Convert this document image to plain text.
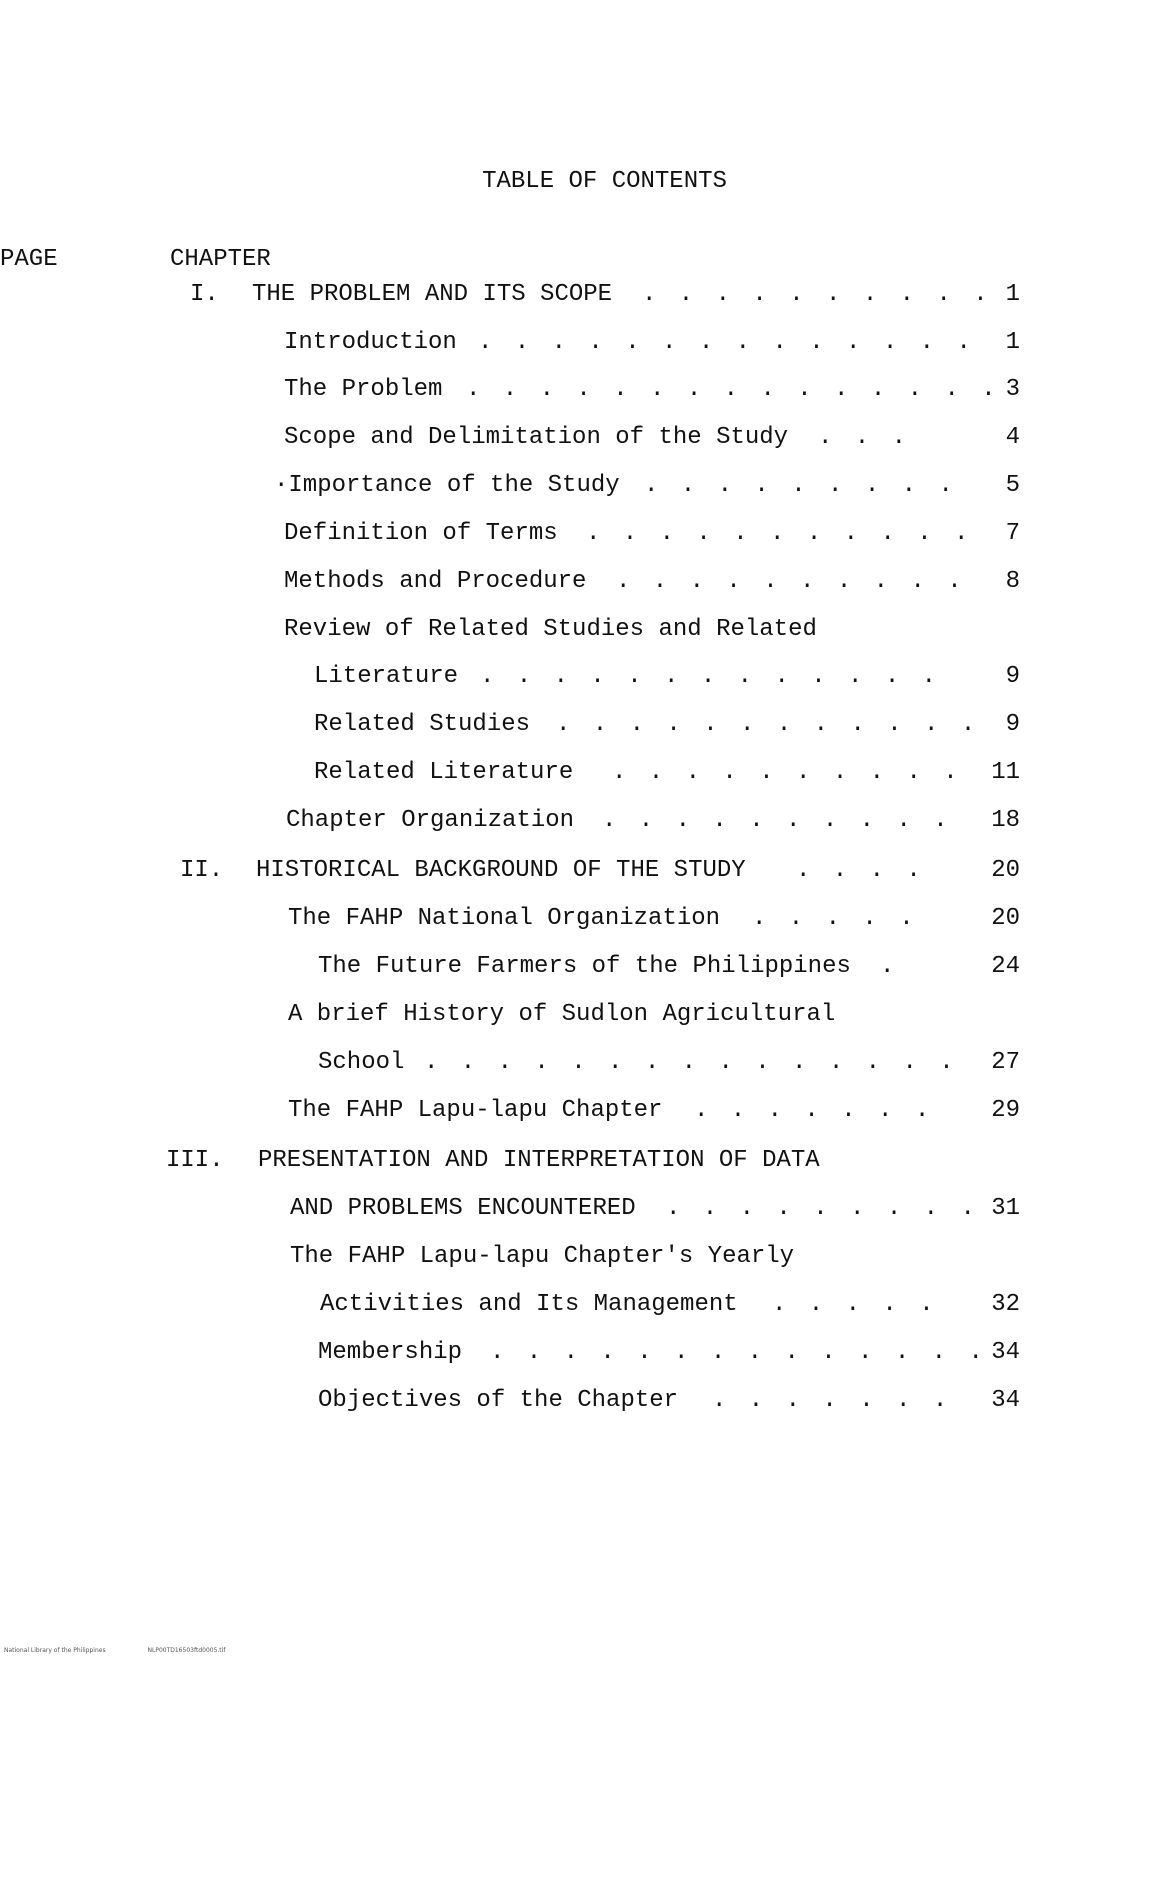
TABLE OF CONTENTS
CHAPTER
PAGE
I. THE PROBLEM AND ITS SCOPE . . . . . . . . . . 1
Introduction . . . . . . . . . . . . . .	1
The Problem . . . . . . . . . . . . . . . 3
Scope and Delimitation of the Study . . .	4
·Importance of the Study . . . . . . . . .	5
Definition of Terms . . . . . . . . . . .	7
Methods and Procedure . . . . . . . . . .	8
Review of Related Studies and Related
Literature . . . . . . . . . . . . .	9
Related Studies . . . . . . . . . . . .	9
Related Literature . . . . . . . . . .	11
Chapter Organization . . . . . . . . . .	18
II. HISTORICAL BACKGROUND OF THE STUDY . . . .	20
The FAHP National Organization . . . . .	20
The Future Farmers of the Philippines .	24
A brief History of Sudlon Agricultural
School . . . . . . . . . . . . . . .	27
The FAHP Lapu-lapu Chapter . . . . . . .	29
III. PRESENTATION AND INTERPRETATION OF DATA
AND PROBLEMS ENCOUNTERED . . . . . . . . . 31
The FAHP Lapu-lapu Chapter's Yearly
Activities and Its Management . . . . .	32
Membership . . . . . . . . . . . . . . 34
Objectives of the Chapter . . . . . . .	34
National Library of the Philippines	NLP00TD16503ftd0005.tif
